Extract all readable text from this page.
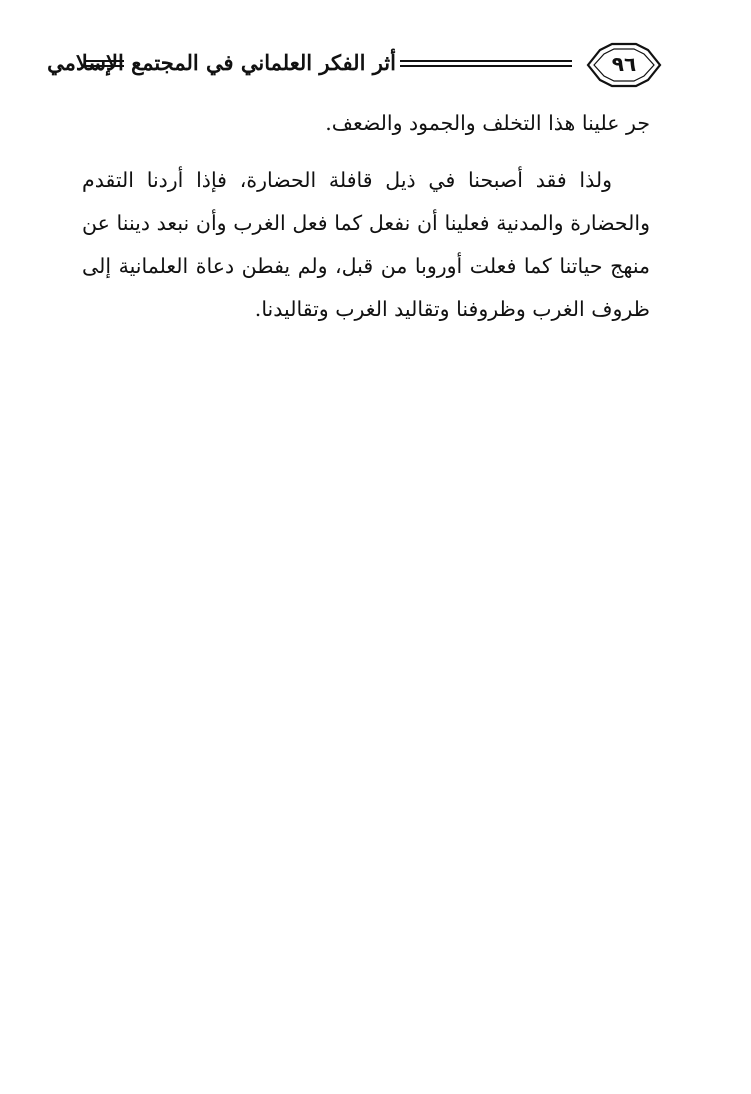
أثر الفكر العلماني في المجتمع الإسلامي	٩٦

جر علينا هذا التخلف والجمود والضعف.

ولذا فقد أصبحنا في ذيل قافلة الحضارة، فإذا أردنا التقدم والحضارة والمدنية فعلينا أن نفعل كما فعل الغرب وأن نبعد ديننا عن منهج حياتنا كما فعلت أوروبا من قبل، ولم يفطن دعاة العلمانية إلى ظروف الغرب وظروفنا وتقاليد الغرب وتقاليدنا.
